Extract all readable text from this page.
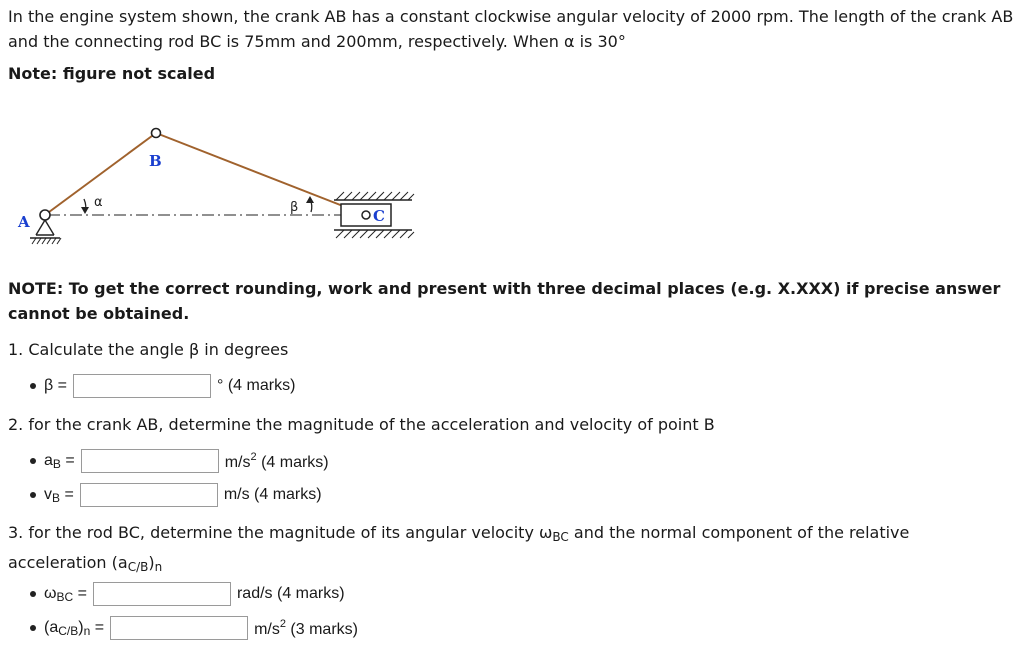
In the engine system shown, the crank AB has a constant clockwise angular velocity of 2000 rpm. The length of the crank AB and the connecting rod BC is 75mm and 200mm, respectively. When α is 30°

Note: figure not scaled

A
B
C
α	β

NOTE: To get the correct rounding, work and present with three decimal places (e.g. X.XXX) if precise answer cannot be obtained.

1. Calculate the angle β in degrees

β =	° (4 marks)

2. for the crank AB, determine the magnitude of the acceleration and velocity of point B

$a_B$ =	$m/s^2$ (4 marks)
$v_B$ =	m/s (4 marks)

3. for the rod BC, determine the magnitude of its angular velocity $\omega_{BC}$ and the normal component of the relative acceleration $(a_{C/B})_n$

$\omega_{BC}$ =	rad/s (4 marks)
$(a_{C/B})_n$ =	$m/s^2$ (3 marks)
